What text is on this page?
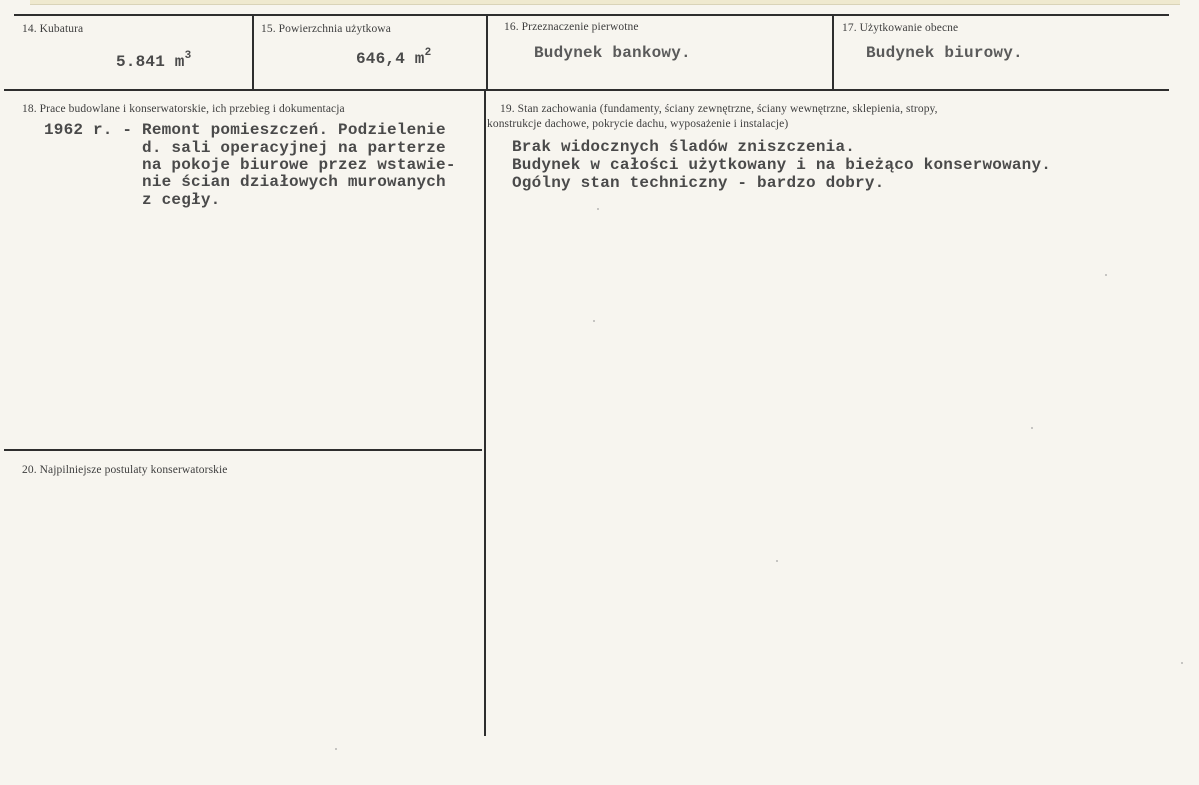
14. Kubatura
5.841 $m^3$
15. Powierzchnia użytkowa
646,4 $m^2$
16. Przeznaczenie pierwotne
Budynek bankowy.
17. Użytkowanie obecne
Budynek biurowy.
18. Prace budowlane i konserwatorskie, ich przebieg i dokumentacja
1962 r. - Remont pomieszczeń. Podzielenie
d. sali operacyjnej na parterze
na pokoje biurowe przez wstawie-
nie ścian działowych murowanych
z cegły.
19. Stan zachowania (fundamenty, ściany zewnętrzne, ściany wewnętrzne, sklepienia, stropy,
konstrukcje dachowe, pokrycie dachu, wyposażenie i instalacje)
Brak widocznych śladów zniszczenia.
Budynek w całości użytkowany i na bieżąco konserwowany.
Ogólny stan techniczny - bardzo dobry.
20. Najpilniejsze postulaty konserwatorskie
